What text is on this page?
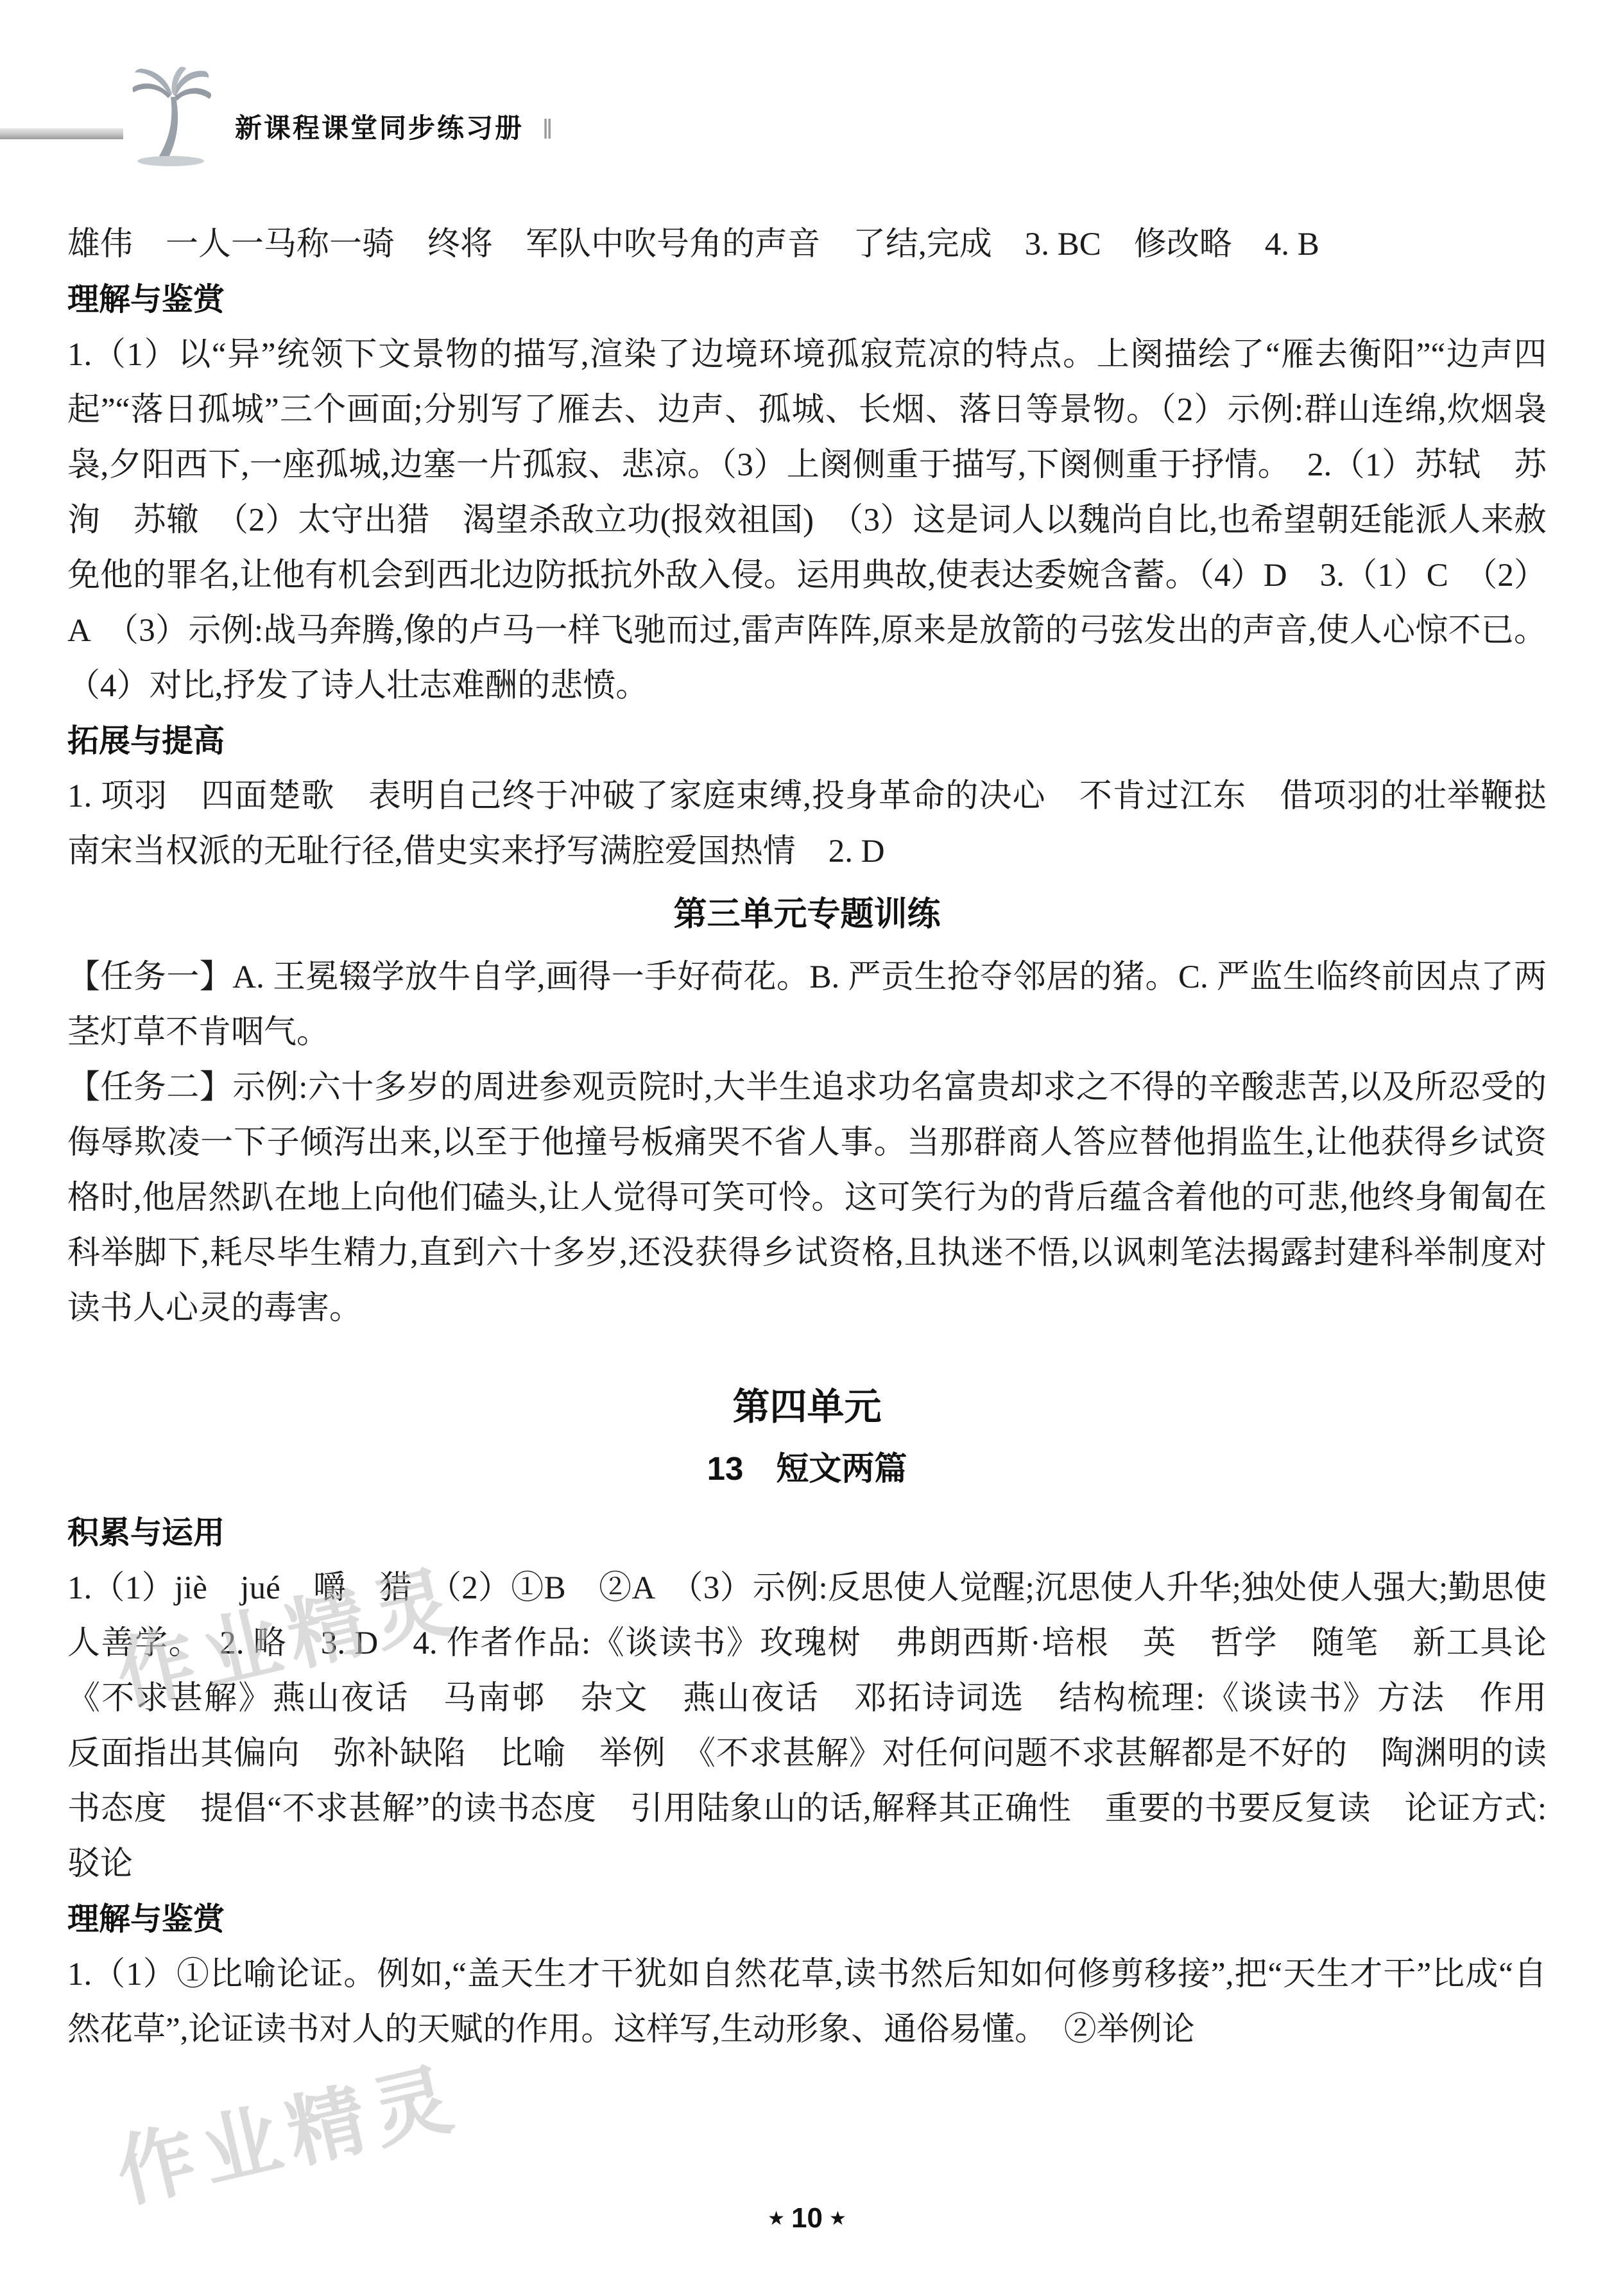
新课程课堂同步练习册 ‖
作业精灵
作业精灵

雄伟　一人一马称一骑　终将　军队中吹号角的声音　了结,完成　3. BC　修改略　4. B

理解与鉴赏

1.（1）以“异”统领下文景物的描写,渲染了边境环境孤寂荒凉的特点。上阕描绘了“雁去衡阳”“边声四起”“落日孤城”三个画面;分别写了雁去、边声、孤城、长烟、落日等景物。（2）示例:群山连绵,炊烟袅袅,夕阳西下,一座孤城,边塞一片孤寂、悲凉。（3）上阕侧重于描写,下阕侧重于抒情。　2.（1）苏轼　苏洵　苏辙　（2）太守出猎　渴望杀敌立功(报效祖国)　（3）这是词人以魏尚自比,也希望朝廷能派人来赦免他的罪名,让他有机会到西北边防抵抗外敌入侵。运用典故,使表达委婉含蓄。（4）D　3.（1）C　（2）A　（3）示例:战马奔腾,像的卢马一样飞驰而过,雷声阵阵,原来是放箭的弓弦发出的声音,使人心惊不已。（4）对比,抒发了诗人壮志难酬的悲愤。

拓展与提高

1. 项羽　四面楚歌　表明自己终于冲破了家庭束缚,投身革命的决心　不肯过江东　借项羽的壮举鞭挞南宋当权派的无耻行径,借史实来抒写满腔爱国热情　2. D

第三单元专题训练

【任务一】A. 王冕辍学放牛自学,画得一手好荷花。B. 严贡生抢夺邻居的猪。C. 严监生临终前因点了两茎灯草不肯咽气。

【任务二】示例:六十多岁的周进参观贡院时,大半生追求功名富贵却求之不得的辛酸悲苦,以及所忍受的侮辱欺凌一下子倾泻出来,以至于他撞号板痛哭不省人事。当那群商人答应替他捐监生,让他获得乡试资格时,他居然趴在地上向他们磕头,让人觉得可笑可怜。这可笑行为的背后蕴含着他的可悲,他终身匍匐在科举脚下,耗尽毕生精力,直到六十多岁,还没获得乡试资格,且执迷不悟,以讽刺笔法揭露封建科举制度对读书人心灵的毒害。

第四单元
13　短文两篇
积累与运用

1.（1）jiè　jué　嚼　猎　（2）①B　②A　（3）示例:反思使人觉醒;沉思使人升华;独处使人强大;勤思使人善学。　2. 略　3. D　4. 作者作品:《谈读书》玫瑰树　弗朗西斯·培根　英　哲学　随笔　新工具论　《不求甚解》燕山夜话　马南邨　杂文　燕山夜话　邓拓诗词选　结构梳理:《谈读书》方法　作用　反面指出其偏向　弥补缺陷　比喻　举例　《不求甚解》对任何问题不求甚解都是不好的　陶渊明的读书态度　提倡“不求甚解”的读书态度　引用陆象山的话,解释其正确性　重要的书要反复读　论证方式:驳论

理解与鉴赏

1.（1）①比喻论证。例如,“盖天生才干犹如自然花草,读书然后知如何修剪移接”,把“天生才干”比成“自然花草”,论证读书对人的天赋的作用。这样写,生动形象、通俗易懂。　②举例论

★ 10 ★
